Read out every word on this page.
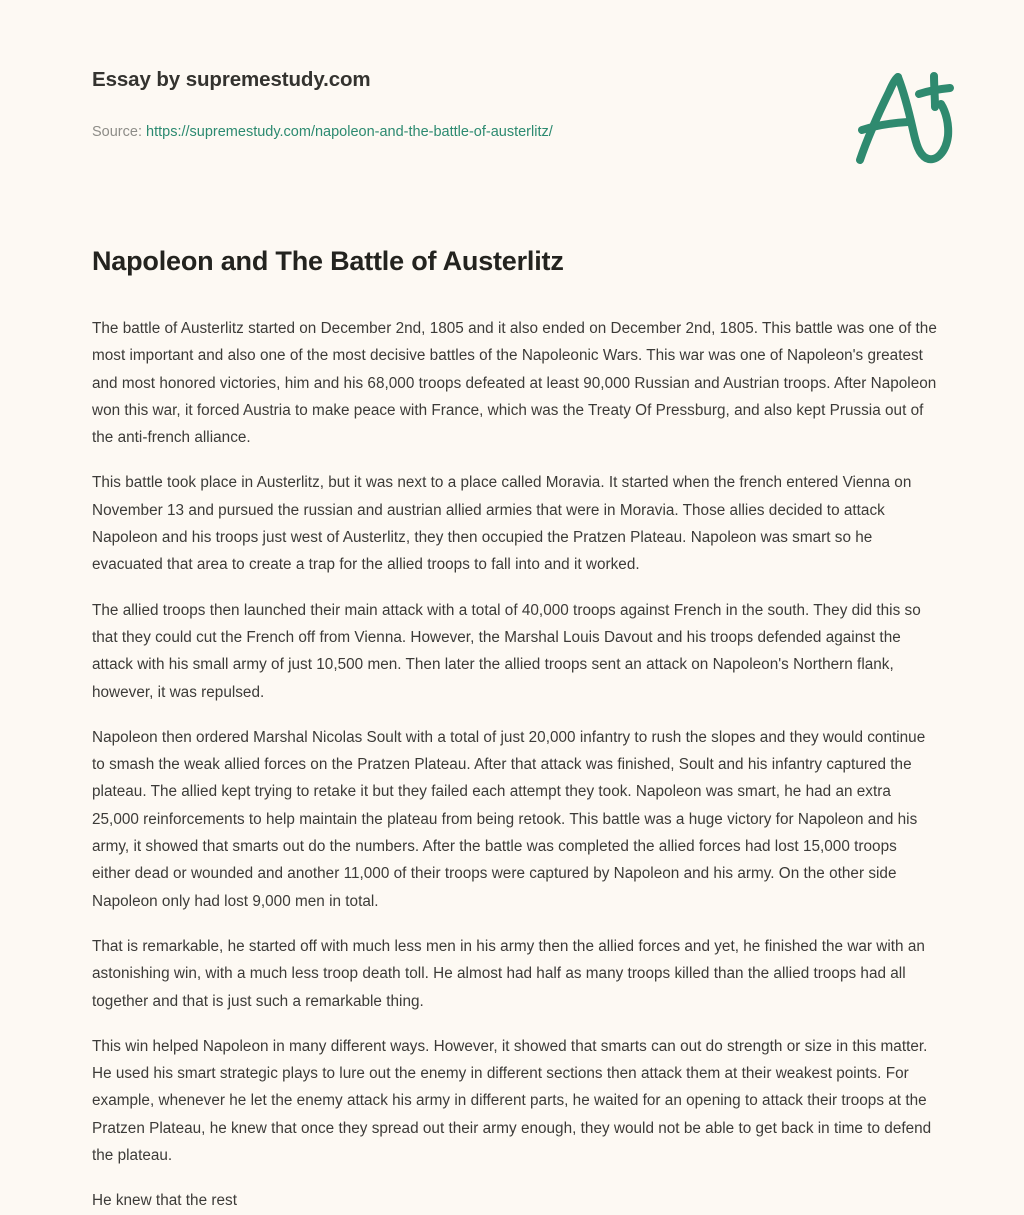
Essay by supremestudy.com
Source: https://supremestudy.com/napoleon-and-the-battle-of-austerlitz/
Napoleon and The Battle of Austerlitz

The battle of Austerlitz started on December 2nd, 1805 and it also ended on December 2nd, 1805. This battle was one of the most important and also one of the most decisive battles of the Napoleonic Wars. This war was one of Napoleon's greatest and most honored victories, him and his 68,000 troops defeated at least 90,000 Russian and Austrian troops. After Napoleon won this war, it forced Austria to make peace with France, which was the Treaty Of Pressburg, and also kept Prussia out of the anti-french alliance.

This battle took place in Austerlitz, but it was next to a place called Moravia. It started when the french entered Vienna on November 13 and pursued the russian and austrian allied armies that were in Moravia. Those allies decided to attack Napoleon and his troops just west of Austerlitz, they then occupied the Pratzen Plateau. Napoleon was smart so he evacuated that area to create a trap for the allied troops to fall into and it worked.

The allied troops then launched their main attack with a total of 40,000 troops against French in the south. They did this so that they could cut the French off from Vienna. However, the Marshal Louis Davout and his troops defended against the attack with his small army of just 10,500 men. Then later the allied troops sent an attack on Napoleon's Northern flank, however, it was repulsed.

Napoleon then ordered Marshal Nicolas Soult with a total of just 20,000 infantry to rush the slopes and they would continue to smash the weak allied forces on the Pratzen Plateau. After that attack was finished, Soult and his infantry captured the plateau. The allied kept trying to retake it but they failed each attempt they took. Napoleon was smart, he had an extra 25,000 reinforcements to help maintain the plateau from being retook. This battle was a huge victory for Napoleon and his army, it showed that smarts out do the numbers. After the battle was completed the allied forces had lost 15,000 troops either dead or wounded and another 11,000 of their troops were captured by Napoleon and his army. On the other side Napoleon only had lost 9,000 men in total.

That is remarkable, he started off with much less men in his army then the allied forces and yet, he finished the war with an astonishing win, with a much less troop death toll. He almost had half as many troops killed than the allied troops had all together and that is just such a remarkable thing.

This win helped Napoleon in many different ways. However, it showed that smarts can out do strength or size in this matter. He used his smart strategic plays to lure out the enemy in different sections then attack them at their weakest points. For example, whenever he let the enemy attack his army in different parts, he waited for an opening to attack their troops at the Pratzen Plateau, he knew that once they spread out their army enough, they would not be able to get back in time to defend the plateau.

He knew that the rest
